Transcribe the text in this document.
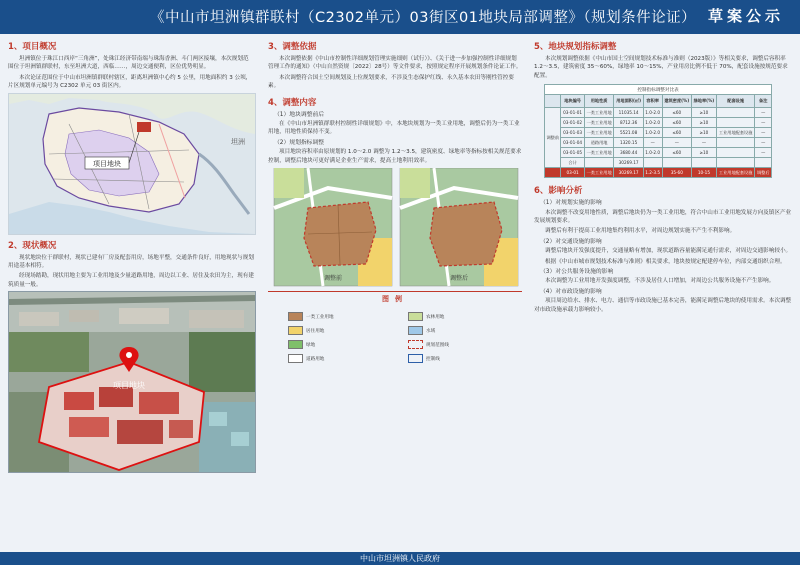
《中山市坦洲镇群联村（C2302单元）03街区01地块局部调整》（规划条件论证） 草案公示
1、项目概况

坦洲镇位于珠江口西岸“三角洲”，处珠江经济带南端与珠海香洲、斗门两区接壤，本次规划范围位于坦洲镇群联村，东至坦洲大道，西临……，周边交通便利，区位优势明显。

本次论证范围位于中山市坦洲镇群联村辖区，距离坦洲镇中心约 5 公里，用地面积约 3 公顷，片区规划单元编号为 C2302 单元 03 街区内。

项目地块
坦洲
2、现状概况

现状地块位于群联村，现状已建有厂房及配套用房，场地平整，交通条件良好，用地现状与规划用途基本相符。

经现场踏勘，现状用地主要为工业用地及少量道路用地，周边以工业、居住及农田为主，现有建筑质量一般。

项目地块
3、调整依据

本次调整依据《中山市控制性详细规划管理实施细则（试行）》、《关于进一步加强控制性详细规划管理工作的通知》（中山自然资规〔2022〕28号）等文件要求，按照规定程序开展规划条件论证工作。

本次调整符合国土空间规划及上位规划要求，不涉及生态保护红线、永久基本农田等刚性管控要素。

4、调整内容
（1）地块调整前后

在《中山市坦洲镇群联村控制性详细规划》中，本地块规划为一类工业用地，调整后仍为一类工业用地，用地性质保持不变。

（2）规划指标调整

项目地块容积率由原规划的 1.0～2.0 调整为 1.2～3.5，建筑密度、绿地率等指标按相关规范要求控制，调整后地块可更好满足企业生产需求，提高土地利用效率。

调整前	调整后
图例
一类工业用地
居住用地
绿地
道路用地
农林用地
水域
规划范围线
控制线
5、地块规划指标调整

本次规划调整依据《中山市国土空间规划技术标准与准则（2023版）》等相关要求，调整后容积率 1.2～3.5，建筑密度 35～60%，绿地率 10～15%，产业用房比例不低于 70%，配套设施按规范要求配置。

控制指标调整对比表								
	地块编号	用地性质	用地面积(㎡)	容积率	建筑密度(%)	绿地率(%)	配套设施	备注
调整前	03-01-01	一类工业用地	11035.14	1.0-2.0	≤60	≥10		—
	03-01-02	一类工业用地	8712.36	1.0-2.0	≤60	≥10		—
	03-01-03	一类工业用地	5521.08	1.0-2.0	≤60	≥10	工业用地配套设施	—
	03-01-04	道路用地	1320.15	—	—	—		—
	03-01-05	一类工业用地	3680.44	1.0-2.0	≤60	≥10		—
	合计		30269.17					
	03-01	一类工业用地	30269.17	1.2-3.5	35-60	10-15	工业用地配套设施	调整后
6、影响分析
（1）对规划实施的影响

本次调整不改变用地性质，调整后地块仍为一类工业用地，符合中山市工业用地发展方向及镇区产业发展规划要求。

调整后有利于提高工业用地集约利用水平，对周边规划实施不产生不利影响。

（2）对交通设施的影响

调整后地块开发强度提升，交通量略有增加，现状道路容量能满足通行需求，对周边交通影响较小。

根据《中山市城市规划技术标准与准则》相关要求，地块按规定配建停车位，内部交通组织合理。

（3）对公共服务设施的影响

本次调整为工业用地开发强度调整，不涉及居住人口增加，对周边公共服务设施不产生影响。

（4）对市政设施的影响

项目周边给水、排水、电力、通信等市政设施已基本完善，能满足调整后地块的使用需求。本次调整对市政设施承载力影响较小。

中山市坦洲镇人民政府
